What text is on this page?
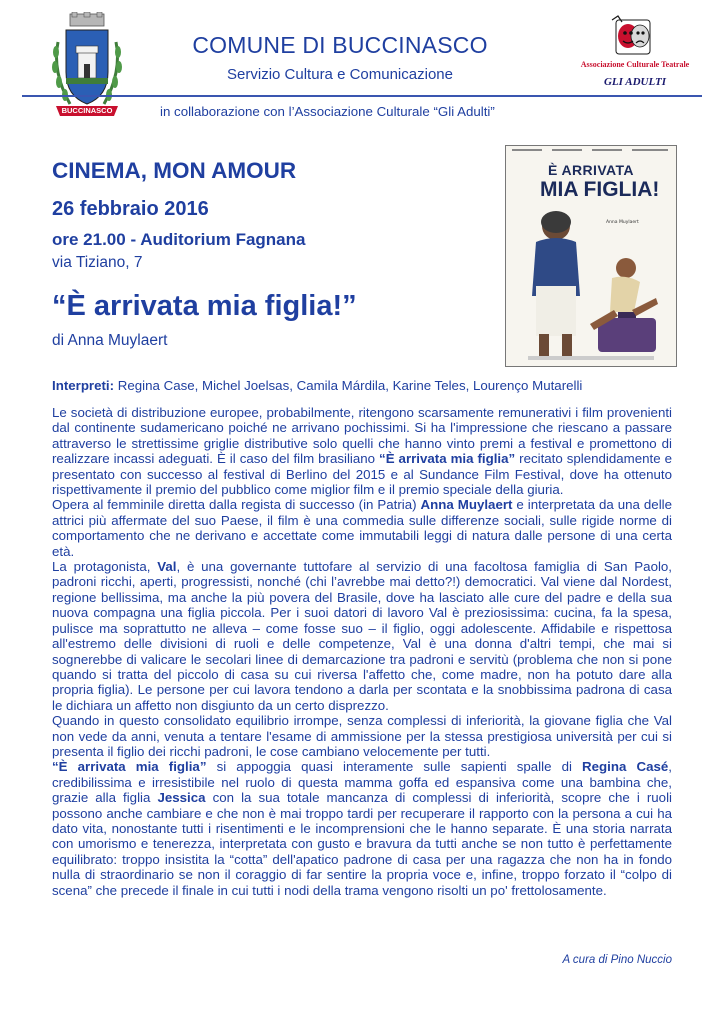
BUCCINASCO
COMUNE DI BUCCINASCO
Servizio Cultura e Comunicazione
Associazione Culturale Teatrale
GLI ADULTI
in collaborazione con l’Associazione Culturale “Gli Adulti”
CINEMA, MON AMOUR
26 febbraio 2016
ore 21.00 - Auditorium Fagnana
via Tiziano, 7
“È arrivata mia figlia!”
di Anna Muylaert
È ARRIVATA
MIA FIGLIA!
Anna Muylaert
Interpreti: Regina Case, Michel Joelsas, Camila Márdila, Karine Teles, Lourenço Mutarelli

Le società di distribuzione europee, probabilmente, ritengono scarsamente remunerativi i film provenienti dal continente sudamericano poiché ne arrivano pochissimi. Si ha l'impressione che riescano a passare attraverso le strettissime griglie distributive solo quelli che hanno vinto premi a festival e promettono di realizzare incassi adeguati. È il caso del film brasiliano “È arrivata mia figlia” recitato splendidamente e presentato con successo al festival di Berlino del 2015 e al Sundance Film Festival, dove ha ottenuto rispettivamente il premio del pubblico come miglior film e il premio speciale della giuria.

Opera al femminile diretta dalla regista di successo (in Patria) Anna Muylaert e interpretata da una delle attrici più affermate del suo Paese, il film è una commedia sulle differenze sociali, sulle rigide norme di comportamento che ne derivano e accettate come immutabili leggi di natura dalle persone di una certa età.

La protagonista, Val, è una governante tuttofare al servizio di una facoltosa famiglia di San Paolo, padroni ricchi, aperti, progressisti, nonché (chi l’avrebbe mai detto?!) democratici. Val viene dal Nordest, regione bellissima, ma anche la più povera del Brasile, dove ha lasciato alle cure del padre e della sua nuova compagna una figlia piccola. Per i suoi datori di lavoro Val è preziosissima: cucina, fa la spesa, pulisce ma soprattutto ne alleva – come fosse suo – il figlio, oggi adolescente. Affidabile e rispettosa all'estremo delle divisioni di ruoli e delle competenze, Val è una donna d'altri tempi, che mai si sognerebbe di valicare le secolari linee di demarcazione tra padroni e servitù (problema che non si pone quando si tratta del piccolo di casa su cui riversa l'affetto che, come madre, non ha potuto dare alla propria figlia). Le persone per cui lavora tendono a darla per scontata e la snobbissima padrona di casa le dichiara un affetto non disgiunto da un certo disprezzo.

Quando in questo consolidato equilibrio irrompe, senza complessi di inferiorità, la giovane figlia che Val non vede da anni, venuta a tentare l'esame di ammissione per la stessa prestigiosa università per cui si presenta il figlio dei ricchi padroni, le cose cambiano velocemente per tutti.

“È arrivata mia figlia” si appoggia quasi interamente sulle sapienti spalle di Regina Casé, credibilissima e irresistibile nel ruolo di questa mamma goffa ed espansiva come una bambina che, grazie alla figlia Jessica con la sua totale mancanza di complessi di inferiorità, scopre che i ruoli possono anche cambiare e che non è mai troppo tardi per recuperare il rapporto con la persona a cui ha dato vita, nonostante tutti i risentimenti e le incomprensioni che le hanno separate. È una storia narrata con umorismo e tenerezza, interpretata con gusto e bravura da tutti anche se non tutto è perfettamente equilibrato: troppo insistita la “cotta” dell'apatico padrone di casa per una ragazza che non ha in fondo nulla di straordinario se non il coraggio di far sentire la propria voce e, infine, troppo forzato il “colpo di scena” che precede il finale in cui tutti i nodi della trama vengono risolti un po' frettolosamente.

A cura di Pino Nuccio
